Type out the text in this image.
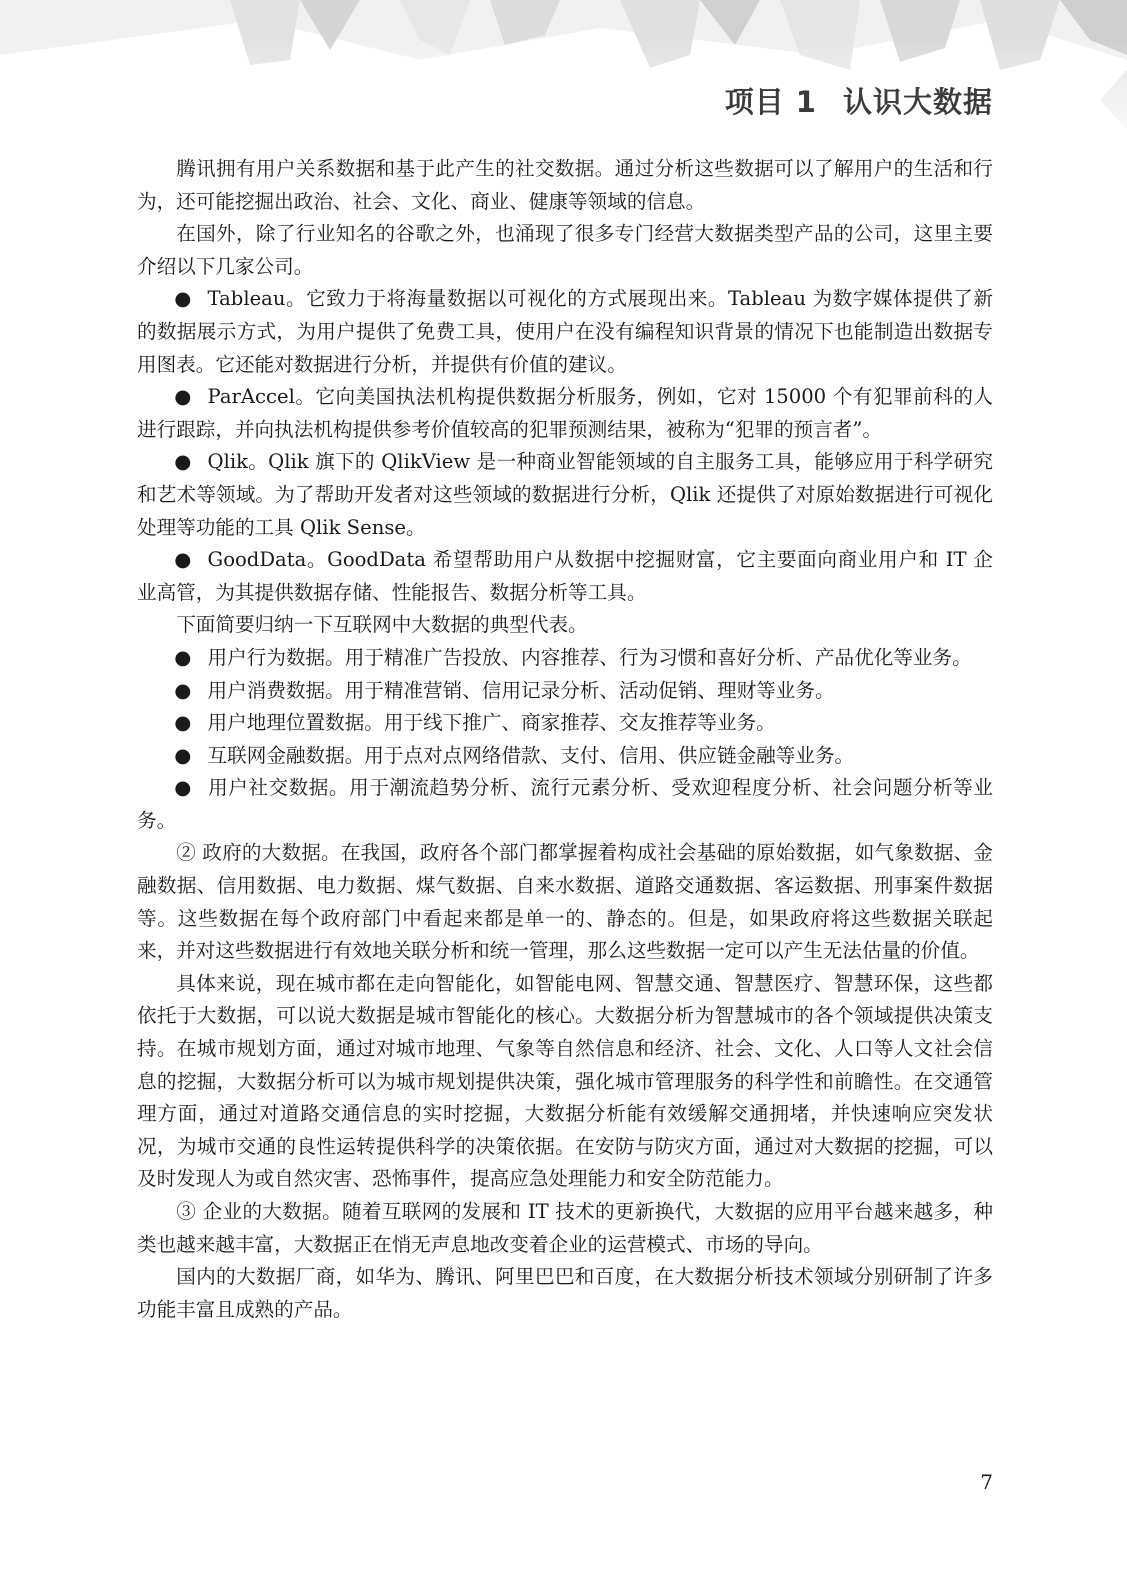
项目 1 认识大数据

腾讯拥有用户关系数据和基于此产生的社交数据。通过分析这些数据可以了解用户的生活和行为，还可能挖掘出政治、社会、文化、商业、健康等领域的信息。

在国外，除了行业知名的谷歌之外，也涌现了很多专门经营大数据类型产品的公司，这里主要介绍以下几家公司。

● Tableau。它致力于将海量数据以可视化的方式展现出来。Tableau 为数字媒体提供了新的数据展示方式，为用户提供了免费工具，使用户在没有编程知识背景的情况下也能制造出数据专用图表。它还能对数据进行分析，并提供有价值的建议。

● ParAccel。它向美国执法机构提供数据分析服务，例如，它对 15000 个有犯罪前科的人进行跟踪，并向执法机构提供参考价值较高的犯罪预测结果，被称为“犯罪的预言者”。

● Qlik。Qlik 旗下的 QlikView 是一种商业智能领域的自主服务工具，能够应用于科学研究和艺术等领域。为了帮助开发者对这些领域的数据进行分析，Qlik 还提供了对原始数据进行可视化处理等功能的工具 Qlik Sense。

● GoodData。GoodData 希望帮助用户从数据中挖掘财富，它主要面向商业用户和 IT 企业高管，为其提供数据存储、性能报告、数据分析等工具。

下面简要归纳一下互联网中大数据的典型代表。

● 用户行为数据。用于精准广告投放、内容推荐、行为习惯和喜好分析、产品优化等业务。

● 用户消费数据。用于精准营销、信用记录分析、活动促销、理财等业务。

● 用户地理位置数据。用于线下推广、商家推荐、交友推荐等业务。

● 互联网金融数据。用于点对点网络借款、支付、信用、供应链金融等业务。

● 用户社交数据。用于潮流趋势分析、流行元素分析、受欢迎程度分析、社会问题分析等业务。

② 政府的大数据。在我国，政府各个部门都掌握着构成社会基础的原始数据，如气象数据、金融数据、信用数据、电力数据、煤气数据、自来水数据、道路交通数据、客运数据、刑事案件数据等。这些数据在每个政府部门中看起来都是单一的、静态的。但是，如果政府将这些数据关联起来，并对这些数据进行有效地关联分析和统一管理，那么这些数据一定可以产生无法估量的价值。

具体来说，现在城市都在走向智能化，如智能电网、智慧交通、智慧医疗、智慧环保，这些都依托于大数据，可以说大数据是城市智能化的核心。大数据分析为智慧城市的各个领域提供决策支持。在城市规划方面，通过对城市地理、气象等自然信息和经济、社会、文化、人口等人文社会信息的挖掘，大数据分析可以为城市规划提供决策，强化城市管理服务的科学性和前瞻性。在交通管理方面，通过对道路交通信息的实时挖掘，大数据分析能有效缓解交通拥堵，并快速响应突发状况，为城市交通的良性运转提供科学的决策依据。在安防与防灾方面，通过对大数据的挖掘，可以及时发现人为或自然灾害、恐怖事件，提高应急处理能力和安全防范能力。

③ 企业的大数据。随着互联网的发展和 IT 技术的更新换代，大数据的应用平台越来越多，种类也越来越丰富，大数据正在悄无声息地改变着企业的运营模式、市场的导向。

国内的大数据厂商，如华为、腾讯、阿里巴巴和百度，在大数据分析技术领域分别研制了许多功能丰富且成熟的产品。

7
